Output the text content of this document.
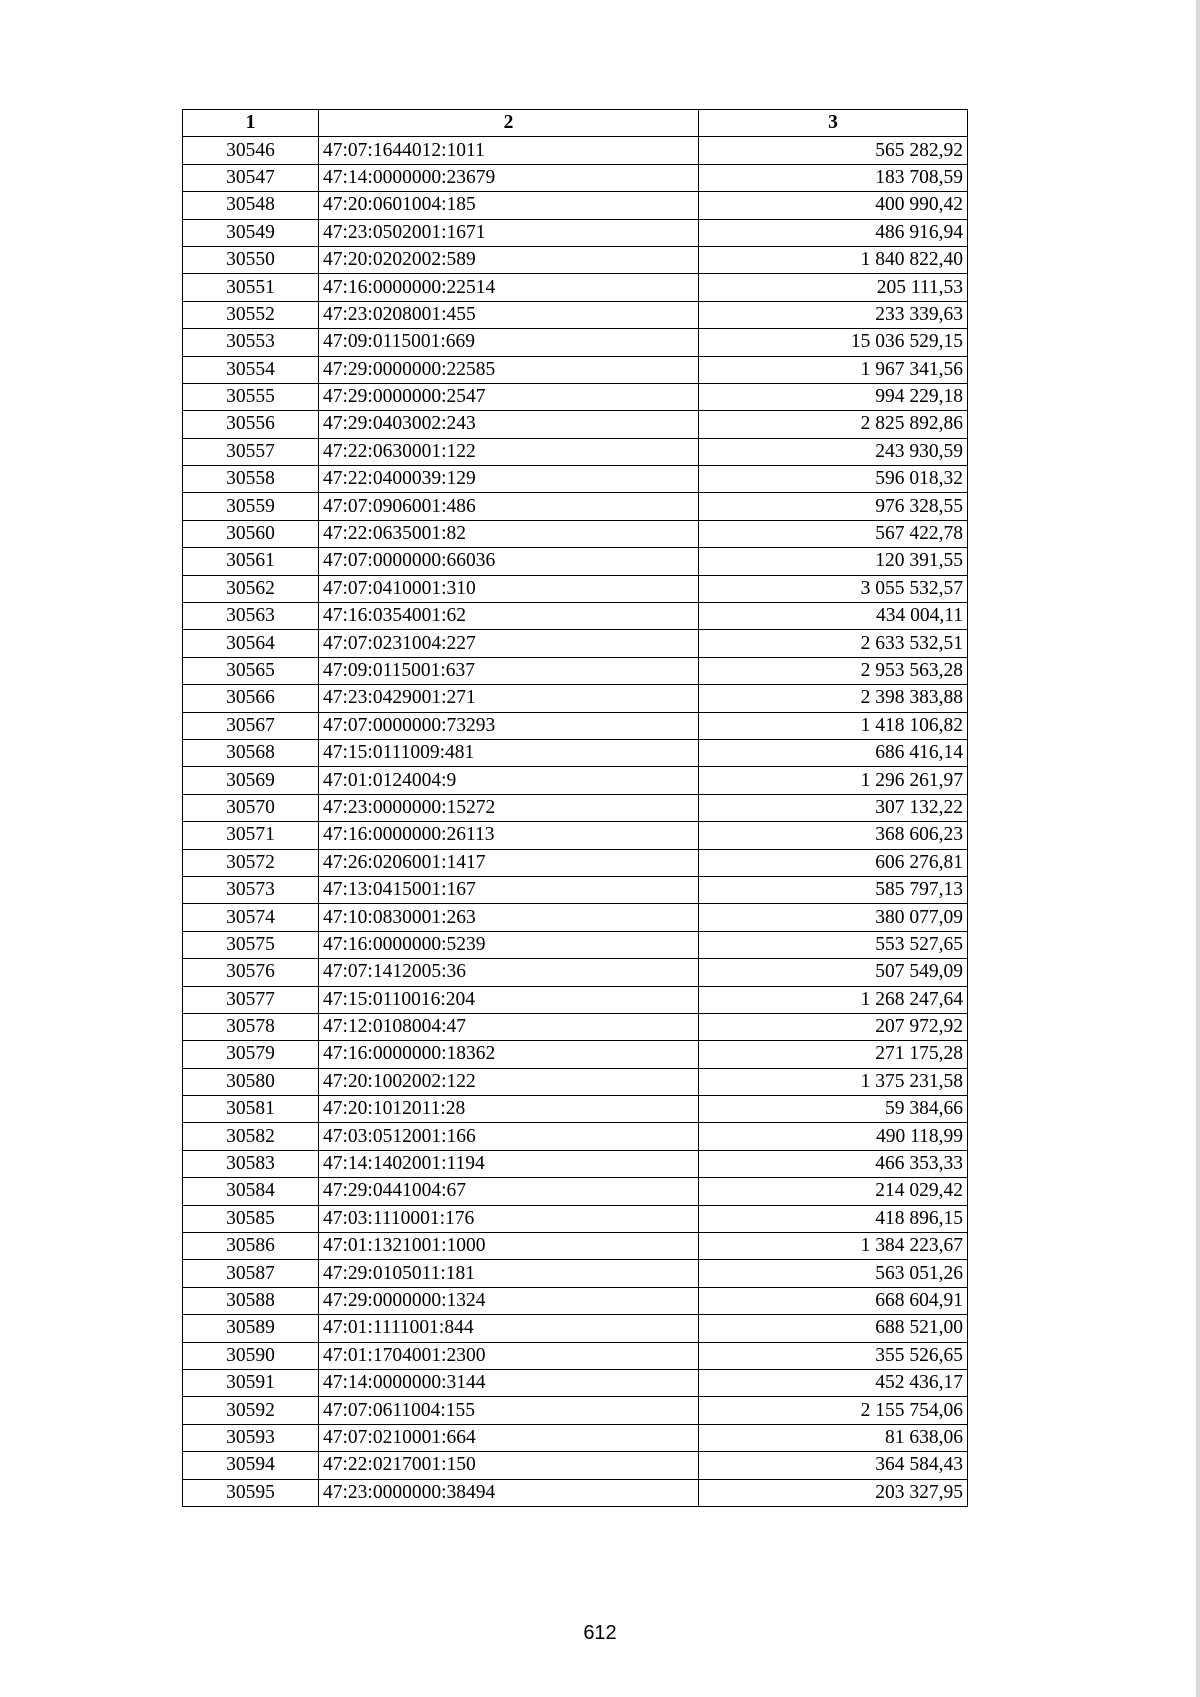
1	2	3
30546	47:07:1644012:1011	565 282,92
30547	47:14:0000000:23679	183 708,59
30548	47:20:0601004:185	400 990,42
30549	47:23:0502001:1671	486 916,94
30550	47:20:0202002:589	1 840 822,40
30551	47:16:0000000:22514	205 111,53
30552	47:23:0208001:455	233 339,63
30553	47:09:0115001:669	15 036 529,15
30554	47:29:0000000:22585	1 967 341,56
30555	47:29:0000000:2547	994 229,18
30556	47:29:0403002:243	2 825 892,86
30557	47:22:0630001:122	243 930,59
30558	47:22:0400039:129	596 018,32
30559	47:07:0906001:486	976 328,55
30560	47:22:0635001:82	567 422,78
30561	47:07:0000000:66036	120 391,55
30562	47:07:0410001:310	3 055 532,57
30563	47:16:0354001:62	434 004,11
30564	47:07:0231004:227	2 633 532,51
30565	47:09:0115001:637	2 953 563,28
30566	47:23:0429001:271	2 398 383,88
30567	47:07:0000000:73293	1 418 106,82
30568	47:15:0111009:481	686 416,14
30569	47:01:0124004:9	1 296 261,97
30570	47:23:0000000:15272	307 132,22
30571	47:16:0000000:26113	368 606,23
30572	47:26:0206001:1417	606 276,81
30573	47:13:0415001:167	585 797,13
30574	47:10:0830001:263	380 077,09
30575	47:16:0000000:5239	553 527,65
30576	47:07:1412005:36	507 549,09
30577	47:15:0110016:204	1 268 247,64
30578	47:12:0108004:47	207 972,92
30579	47:16:0000000:18362	271 175,28
30580	47:20:1002002:122	1 375 231,58
30581	47:20:1012011:28	59 384,66
30582	47:03:0512001:166	490 118,99
30583	47:14:1402001:1194	466 353,33
30584	47:29:0441004:67	214 029,42
30585	47:03:1110001:176	418 896,15
30586	47:01:1321001:1000	1 384 223,67
30587	47:29:0105011:181	563 051,26
30588	47:29:0000000:1324	668 604,91
30589	47:01:1111001:844	688 521,00
30590	47:01:1704001:2300	355 526,65
30591	47:14:0000000:3144	452 436,17
30592	47:07:0611004:155	2 155 754,06
30593	47:07:0210001:664	81 638,06
30594	47:22:0217001:150	364 584,43
30595	47:23:0000000:38494	203 327,95
612
